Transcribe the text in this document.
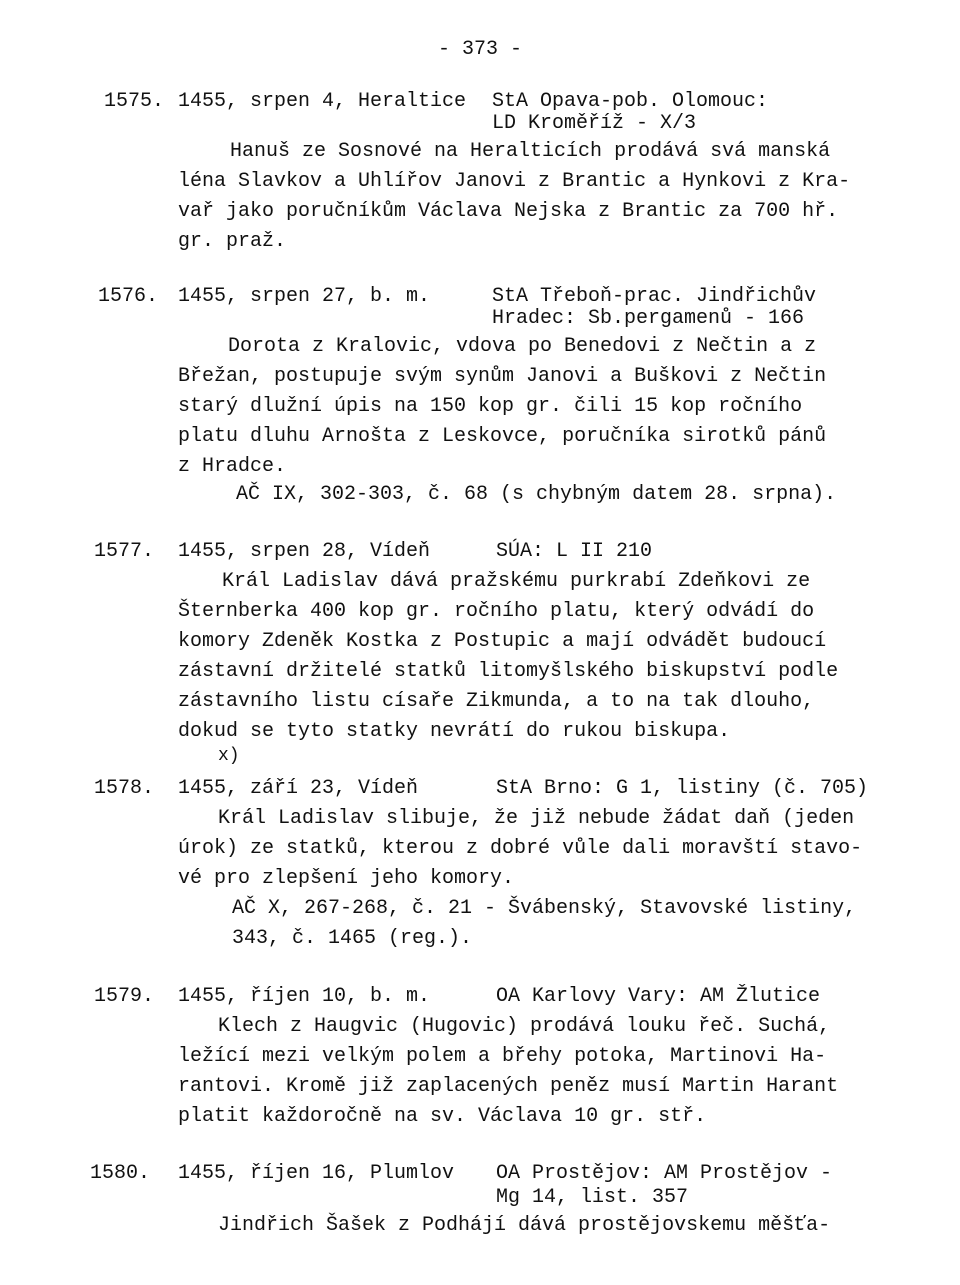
- 373 -
1575. 1455, srpen 4, Heraltice StA Opava-pob. Olomouc:
LD Kroměříž - X/3
Hanuš ze Sosnové na Heralticích prodává svá manská
léna Slavkov a Uhlířov Janovi z Brantic a Hynkovi z Kra-
vař jako poručníkům Václava Nejska z Brantic za 700 hř.
gr. praž.
1576. 1455, srpen 27, b. m.	StA Třeboň-prac. Jindřichův
Hradec: Sb.pergamenů - 166
Dorota z Kralovic, vdova po Benedovi z Nečtin a z
Břežan, postupuje svým synům Janovi a Buškovi z Nečtin
starý dlužní úpis na 150 kop gr. čili 15 kop ročního
platu dluhu Arnošta z Leskovce, poručníka sirotků pánů
z Hradce.
AČ IX, 302-303, č. 68 (s chybným datem 28. srpna).
1577. 1455, srpen 28, Vídeň	SÚA: L II 210
Král Ladislav dává pražskému purkrabí Zdeňkovi ze
Šternberka 400 kop gr. ročního platu, který odvádí do
komory Zdeněk Kostka z Postupic a mají odvádět budoucí
zástavní držitelé statků litomyšlského biskupství podle
zástavního listu císaře Zikmunda, a to na tak dlouho,
dokud se tyto statky nevrátí do rukou biskupa.
x)
1578. 1455, září 23, Vídeň	StA Brno: G 1, listiny (č. 705)
Král Ladislav slibuje, že již nebude žádat daň (jeden
úrok) ze statků, kterou z dobré vůle dali moravští stavo-
vé pro zlepšení jeho komory.
AČ X, 267-268, č. 21 - Švábenský, Stavovské listiny,
343, č. 1465 (reg.).
1579. 1455, říjen 10, b. m.	OA Karlovy Vary: AM Žlutice
Klech z Haugvic (Hugovic) prodává louku řeč. Suchá,
ležící mezi velkým polem a břehy potoka, Martinovi Ha-
rantovi. Kromě již zaplacených peněz musí Martin Harant
platit každoročně na sv. Václava 10 gr. stř.
1580. 1455, říjen 16, Plumlov OA Prostějov: AM Prostějov -
Mg 14, list. 357
Jindřich Šašek z Podhájí dává prostějovskemu měšťa-
